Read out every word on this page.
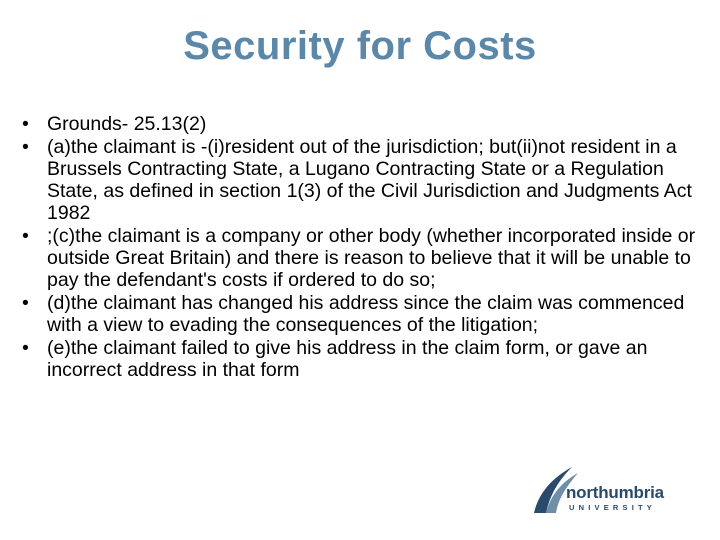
Security for Costs
• Grounds- 25.13(2)
• (a)the claimant is -(i)resident out of the jurisdiction; but(ii)not resident in a Brussels Contracting State, a Lugano Contracting State or a Regulation State, as defined in section 1(3) of the Civil Jurisdiction and Judgments Act 1982
• ;(c)the claimant is a company or other body (whether incorporated inside or outside Great Britain) and there is reason to believe that it will be unable to pay the defendant's costs if ordered to do so;
• (d)the claimant has changed his address since the claim was commenced with a view to evading the consequences of the litigation;
• (e)the claimant failed to give his address in the claim form, or gave an incorrect address in that form
northumbria
UNIVERSITY
